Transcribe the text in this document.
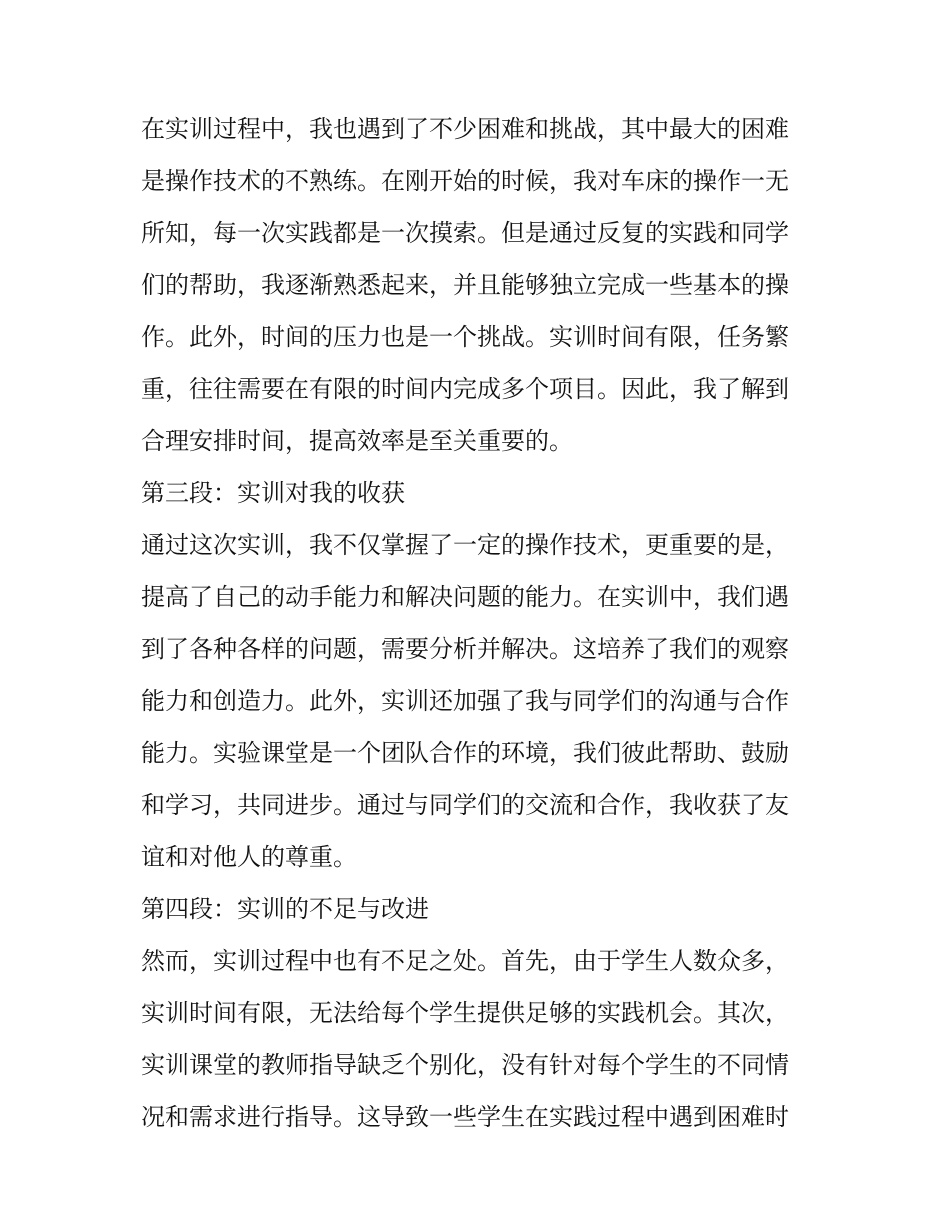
在实训过程中，我也遇到了不少困难和挑战，其中最大的困难
是操作技术的不熟练。在刚开始的时候，我对车床的操作一无
所知，每一次实践都是一次摸索。但是通过反复的实践和同学
们的帮助，我逐渐熟悉起来，并且能够独立完成一些基本的操
作。此外，时间的压力也是一个挑战。实训时间有限，任务繁
重，往往需要在有限的时间内完成多个项目。因此，我了解到
合理安排时间，提高效率是至关重要的。
第三段：实训对我的收获
通过这次实训，我不仅掌握了一定的操作技术，更重要的是，
提高了自己的动手能力和解决问题的能力。在实训中，我们遇
到了各种各样的问题，需要分析并解决。这培养了我们的观察
能力和创造力。此外，实训还加强了我与同学们的沟通与合作
能力。实验课堂是一个团队合作的环境，我们彼此帮助、鼓励
和学习，共同进步。通过与同学们的交流和合作，我收获了友
谊和对他人的尊重。
第四段：实训的不足与改进
然而，实训过程中也有不足之处。首先，由于学生人数众多，
实训时间有限，无法给每个学生提供足够的实践机会。其次，
实训课堂的教师指导缺乏个别化，没有针对每个学生的不同情
况和需求进行指导。这导致一些学生在实践过程中遇到困难时
